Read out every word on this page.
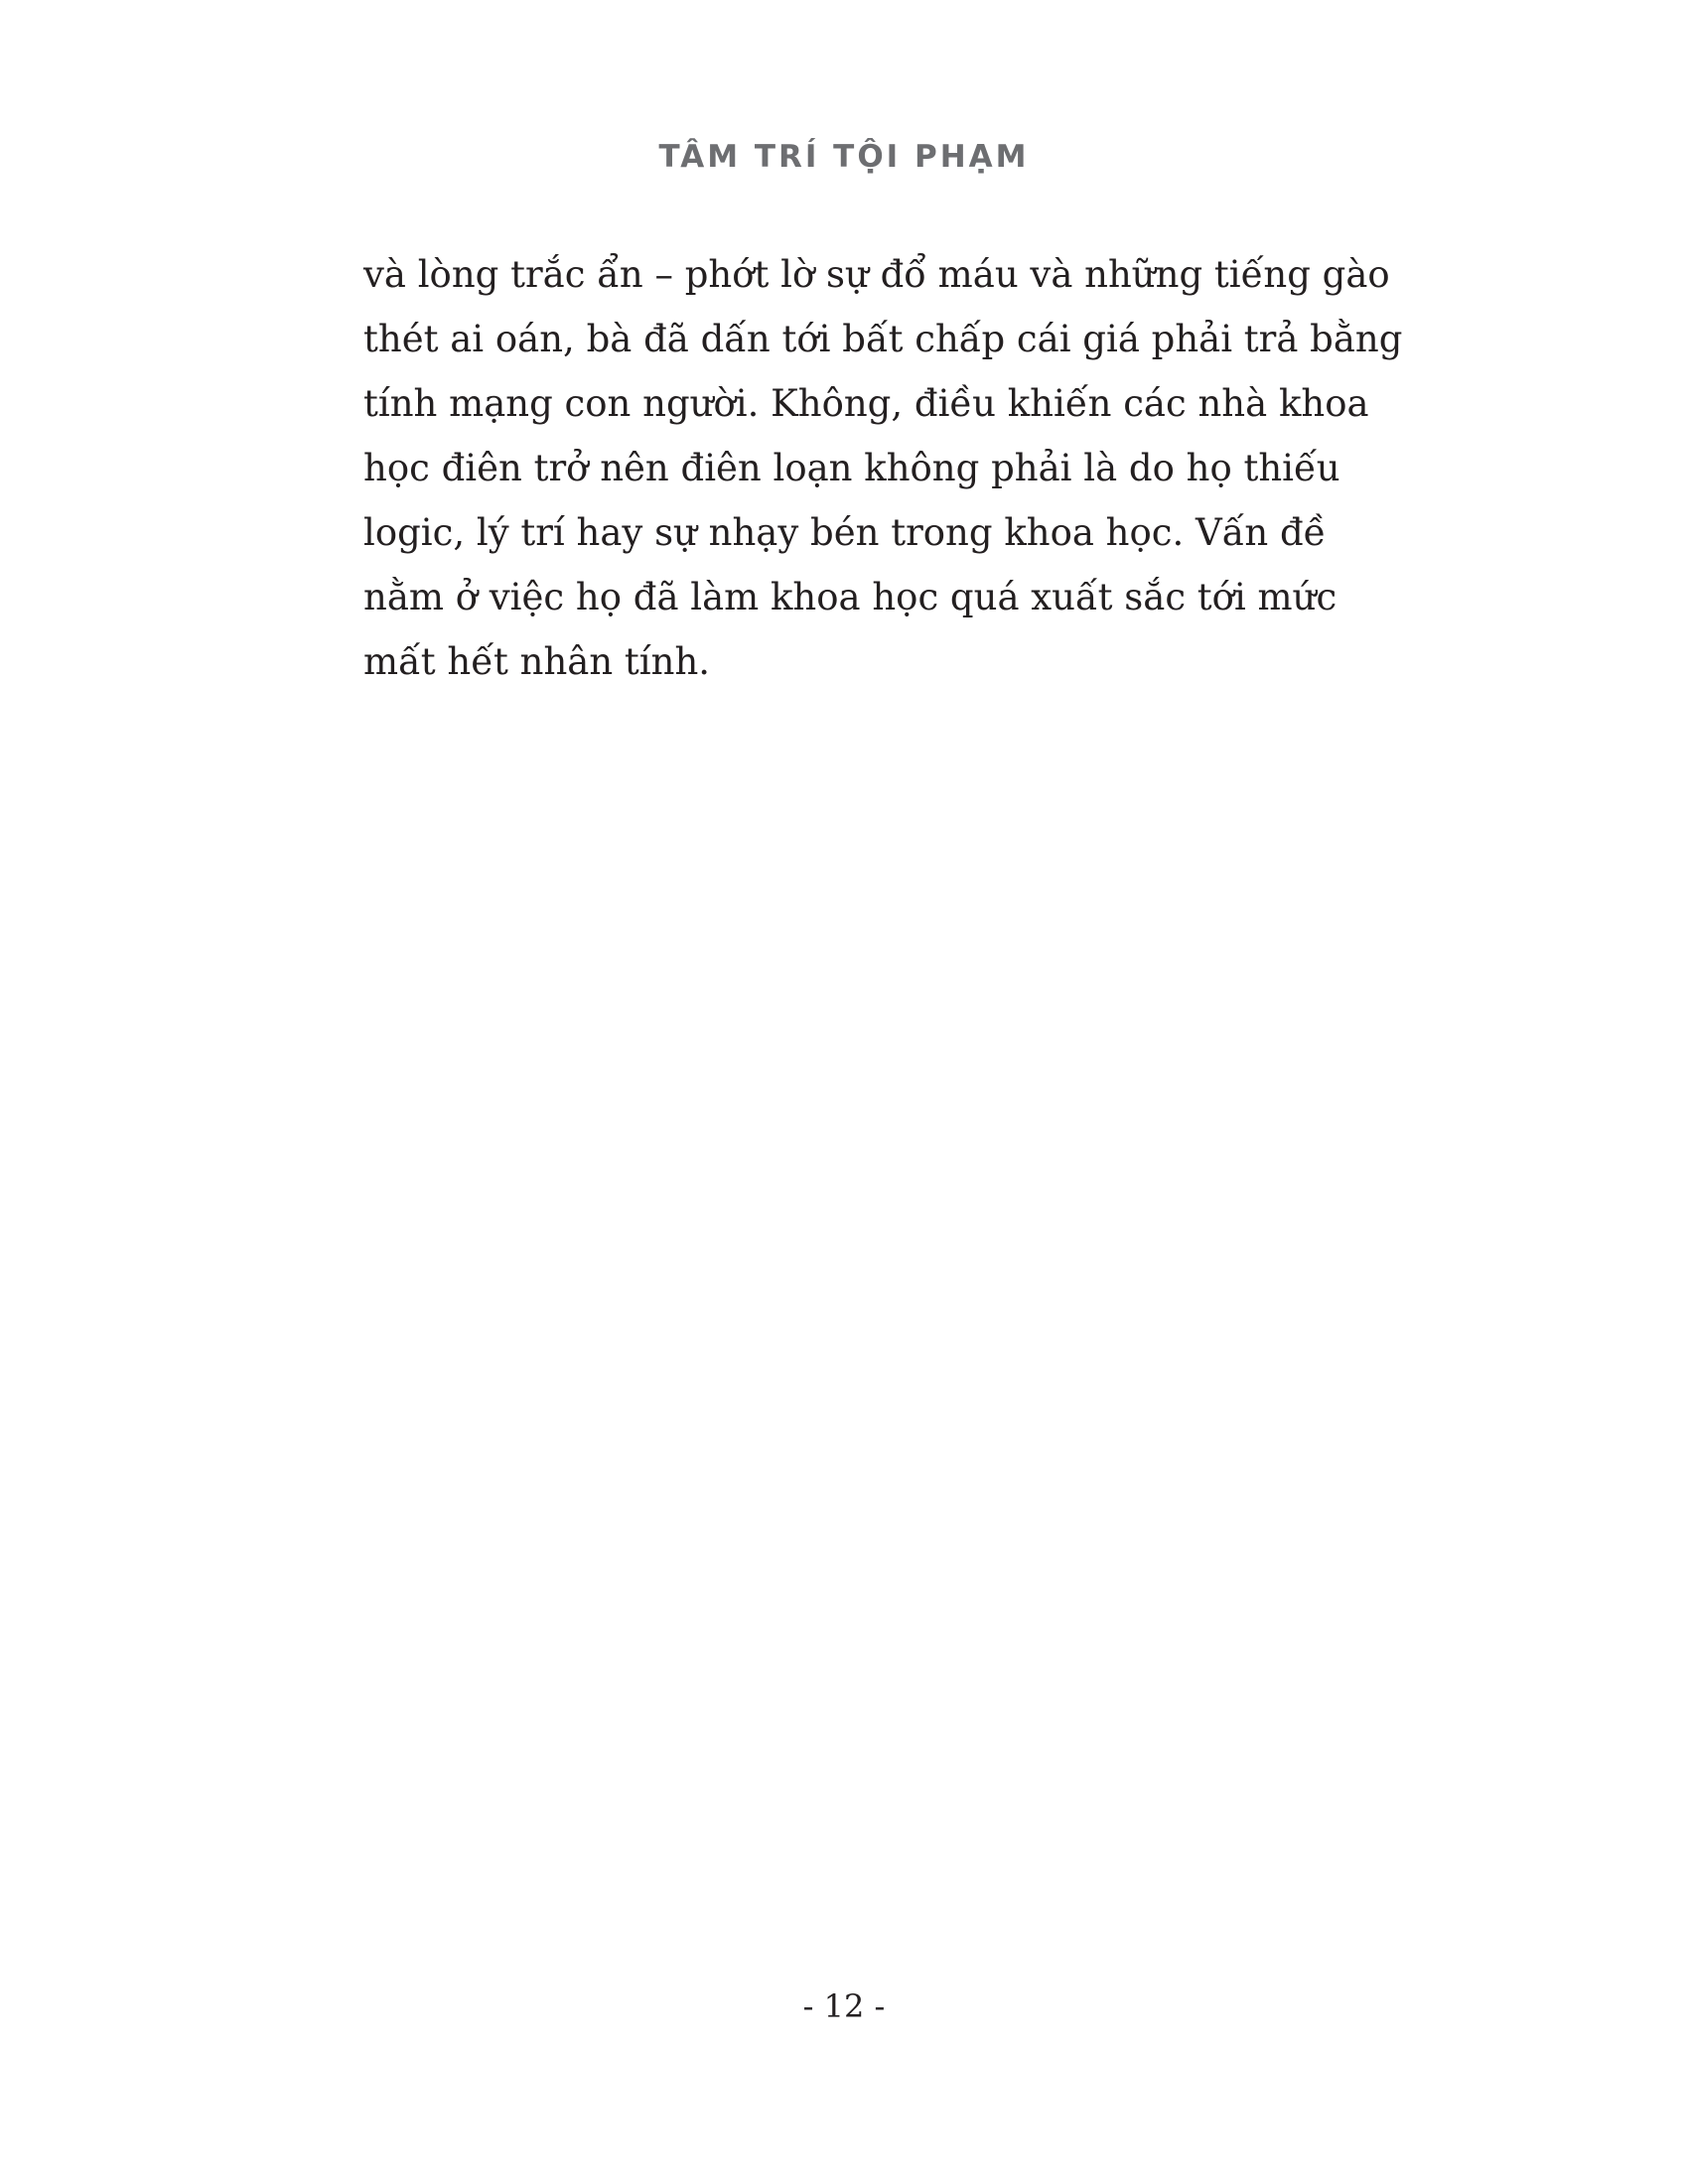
TÂM TRÍ TỘI PHẠM
và lòng trắc ẩn – phớt lờ sự đổ máu và những tiếng gào
thét ai oán, bà đã dấn tới bất chấp cái giá phải trả bằng
tính mạng con người. Không, điều khiến các nhà khoa
học điên trở nên điên loạn không phải là do họ thiếu
logic, lý trí hay sự nhạy bén trong khoa học. Vấn đề
nằm ở việc họ đã làm khoa học quá xuất sắc tới mức
mất hết nhân tính.
- 12 -
